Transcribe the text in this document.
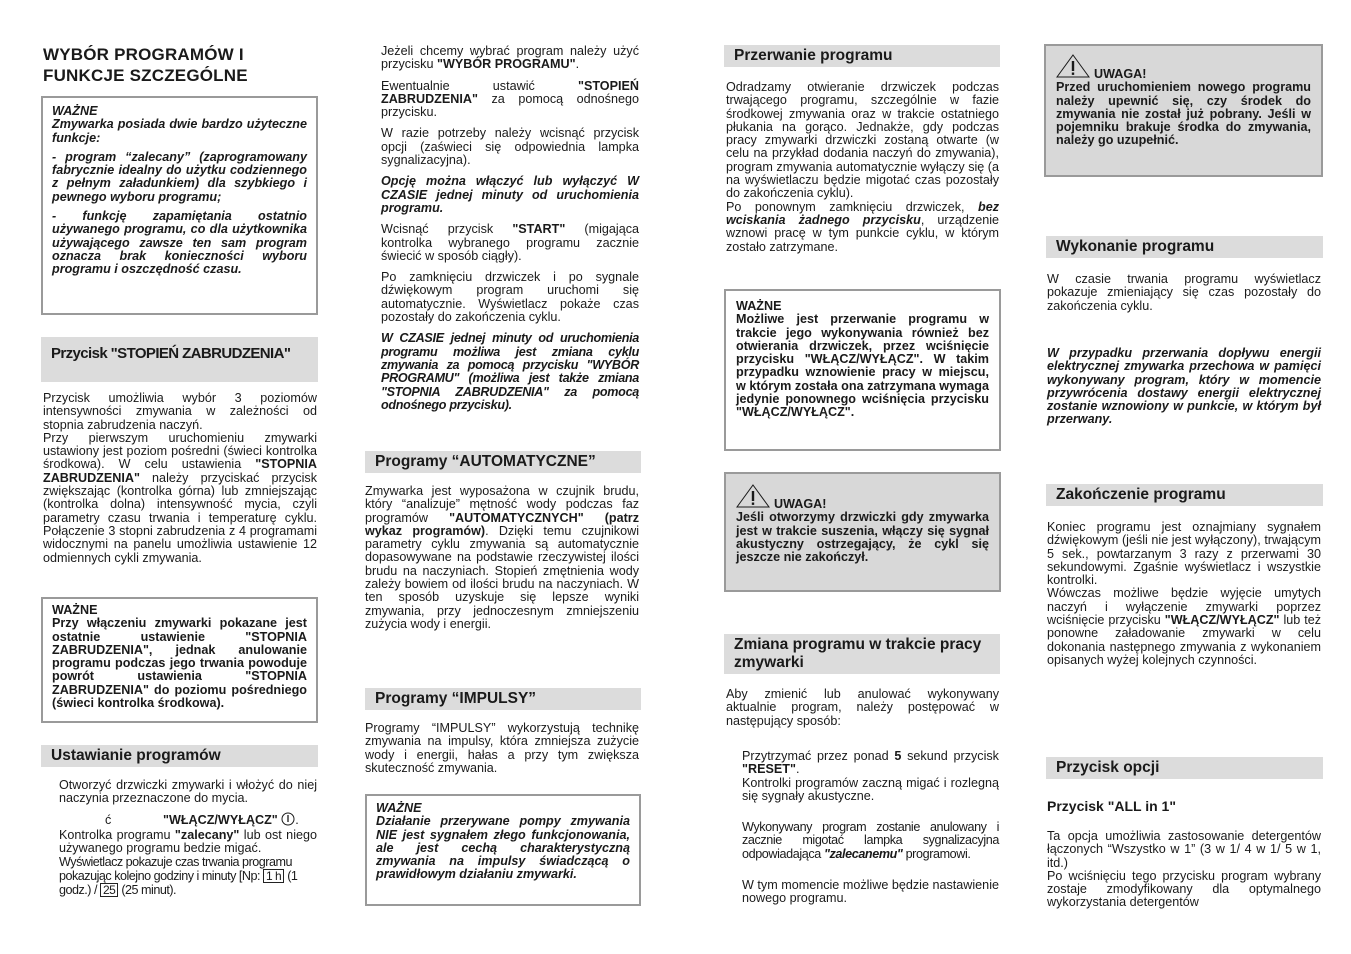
WYBÓR PROGRAMÓW I
FUNKCJE SZCZEGÓLNE

WAŻNE

Zmywarka posiada dwie bardzo użyteczne funkcje:

- program “zalecany” (zaprogramowany fabrycznie idealny do użytku codziennego z pełnym załadunkiem) dla szybkiego i pewnego wyboru programu;

- funkcję zapamiętania ostatnio używanego programu, co dla użytkownika używającego zawsze ten sam program oznacza brak konieczności wyboru programu i oszczędność czasu.

Przycisk "STOPIEŃ ZABRUDZENIA"

Przycisk umożliwia wybór 3 poziomów intensywności zmywania w zależności od stopnia zabrudzenia naczyń.

Przy pierwszym uruchomieniu zmywarki ustawiony jest poziom pośredni (świeci kontrolka środkowa). W celu ustawienia "STOPNIA ZABRUDZENIA" należy przyciskać przycisk zwiększając (kontrolka górna) lub zmniejszając (kontrolka dolna) intensywność mycia, czyli parametry czasu trwania i temperaturę cyklu. Połączenie 3 stopni zabrudzenia z 4 programami widocznymi na panelu umożliwia ustawienie 12 odmiennych cykli zmywania.

WAŻNE

Przy włączeniu zmywarki pokazane jest ostatnie ustawienie "STOPNIA ZABRUDZENIA", jednak anulowanie programu podczas jego trwania powoduje powrót ustawienia "STOPNIA ZABRUDZENIA" do poziomu pośredniego (świeci kontrolka środkowa).

Ustawianie programów

Otworzyć drzwiczki zmywarki i włożyć do niej naczynia przeznaczone do mycia.

ć	"WŁĄCZ/WYŁĄCZ" .

Kontrolka programu "zalecany" lub ost niego używanego programu bedzie migać.

Wyświetlacz pokazuje czas trwania programu pokazując kolejno godziny i minuty [Np: 1 h (1 godz.) / 25 (25 minut).

Jeżeli chcemy wybrać program należy użyć przycisku "WYBÓR PROGRAMU".

Ewentualnie ustawić "STOPIEŃ ZABRUDZENIA" za pomocą odnośnego przycisku.

W razie potrzeby należy wcisnąć przycisk opcji (zaświeci się odpowiednia lampka sygnalizacyjna).

Opcję można włączyć lub wyłączyć W CZASIE jednej minuty od uruchomienia programu.

Wcisnąć przycisk "START" (migająca kontrolka wybranego programu zacznie świecić w sposób ciągły).

Po zamknięciu drzwiczek i po sygnale dźwiękowym program uruchomi się automatycznie. Wyświetlacz pokaże czas pozostały do zakończenia cyklu.

W CZASIE jednej minuty od uruchomienia programu możliwa jest zmiana cyklu zmywania za pomocą przycisku "WYBÓR PROGRAMU" (możliwa jest także zmiana "STOPNIA ZABRUDZENIA" za pomocą odnośnego przycisku).

Programy “AUTOMATYCZNE”

Zmywarka jest wyposażona w czujnik brudu, który “analizuje” mętność wody podczas faz programów "AUTOMATYCZNYCH" (patrz wykaz programów). Dzięki temu czujnikowi parametry cyklu zmywania są automatycznie dopasowywane na podstawie rzeczywistej ilości brudu na naczyniach. Stopień zmętnienia wody zależy bowiem od ilości brudu na naczyniach. W ten sposób uzyskuje się lepsze wyniki zmywania, przy jednoczesnym zmniejszeniu zużycia wody i energii.

Programy “IMPULSY”

Programy “IMPULSY” wykorzystują technikę zmywania na impulsy, która zmniejsza zużycie wody i energii, hałas a przy tym zwiększa skuteczność zmywania.

WAŻNE

Działanie przerywane pompy zmywania NIE jest sygnałem złego funkcjonowania, ale jest cechą charakterystyczną zmywania na impulsy świadczącą o prawidłowym działaniu zmywarki.

Przerwanie programu

Odradzamy otwieranie drzwiczek podczas trwającego programu, szczególnie w fazie środkowej zmywania oraz w trakcie ostatniego płukania na gorąco. Jednakże, gdy podczas pracy zmywarki drzwiczki zostaną otwarte (w celu na przykład dodania naczyń do zmywania), program zmywania automatycznie wyłączy się (a na wyświetlaczu będzie migotać czas pozostały do zakończenia cyklu).

Po ponownym zamknięciu drzwiczek, bez wciskania żadnego przycisku, urządzenie wznowi pracę w tym punkcie cyklu, w którym zostało zatrzymane.

WAŻNE

Możliwe jest przerwanie programu w trakcie jego wykonywania również bez otwierania drzwiczek, przez wciśnięcie przycisku "WŁĄCZ/WYŁĄCZ". W takim przypadku wznowienie pracy w miejscu, w którym została ona zatrzymana wymaga jedynie ponownego wciśnięcia przycisku "WŁĄCZ/WYŁĄCZ".

UWAGA!

Jeśli otworzymy drzwiczki gdy zmywarka jest w trakcie suszenia, włączy się sygnał akustyczny ostrzegający, że cykl się jeszcze nie zakończył.

Zmiana programu w trakcie pracy zmywarki

Aby zmienić lub anulować wykonywany aktualnie program, należy postępować w następujący sposób:

Przytrzymać przez ponad 5 sekund przycisk "RESET".

Kontrolki programów zaczną migać i rozlegną się sygnały akustyczne.

Wykonywany program zostanie anulowany i zacznie migotać lampka sygnalizacyjna odpowiadająca "zalecanemu" programowi.

W tym momencie możliwe będzie nastawienie nowego programu.

UWAGA!

Przed uruchomieniem nowego programu należy upewnić się, czy środek do zmywania nie został już pobrany. Jeśli w pojemniku brakuje środka do zmywania, należy go uzupełnić.

Wykonanie programu

W czasie trwania programu wyświetlacz pokazuje zmieniający się czas pozostały do zakończenia cyklu.

W przypadku przerwania dopływu energii elektrycznej zmywarka przechowa w pamięci wykonywany program, który w momencie przywrócenia dostawy energii elektrycznej zostanie wznowiony w punkcie, w którym był przerwany.

Zakończenie programu

Koniec programu jest oznajmiany sygnałem dźwiękowym (jeśli nie jest wyłączony), trwającym 5 sek., powtarzanym 3 razy z przerwami 30 sekundowymi. Zgaśnie wyświetlacz i wszystkie kontrolki.

Wówczas możliwe będzie wyjęcie umytych naczyń i wyłączenie zmywarki poprzez wciśnięcie przycisku "WŁĄCZ/WYŁĄCZ" lub też ponowne załadowanie zmywarki w celu dokonania następnego zmywania z wykonaniem opisanych wyżej kolejnych czynności.

Przycisk opcji
Przycisk "ALL in 1"

Ta opcja umożliwia zastosowanie detergentów łączonych “Wszystko w 1” (3 w 1/ 4 w 1/ 5 w 1, itd.)

Po wciśnięciu tego przycisku program wybrany zostaje zmodyfikowany dla optymalnego wykorzystania detergentów
